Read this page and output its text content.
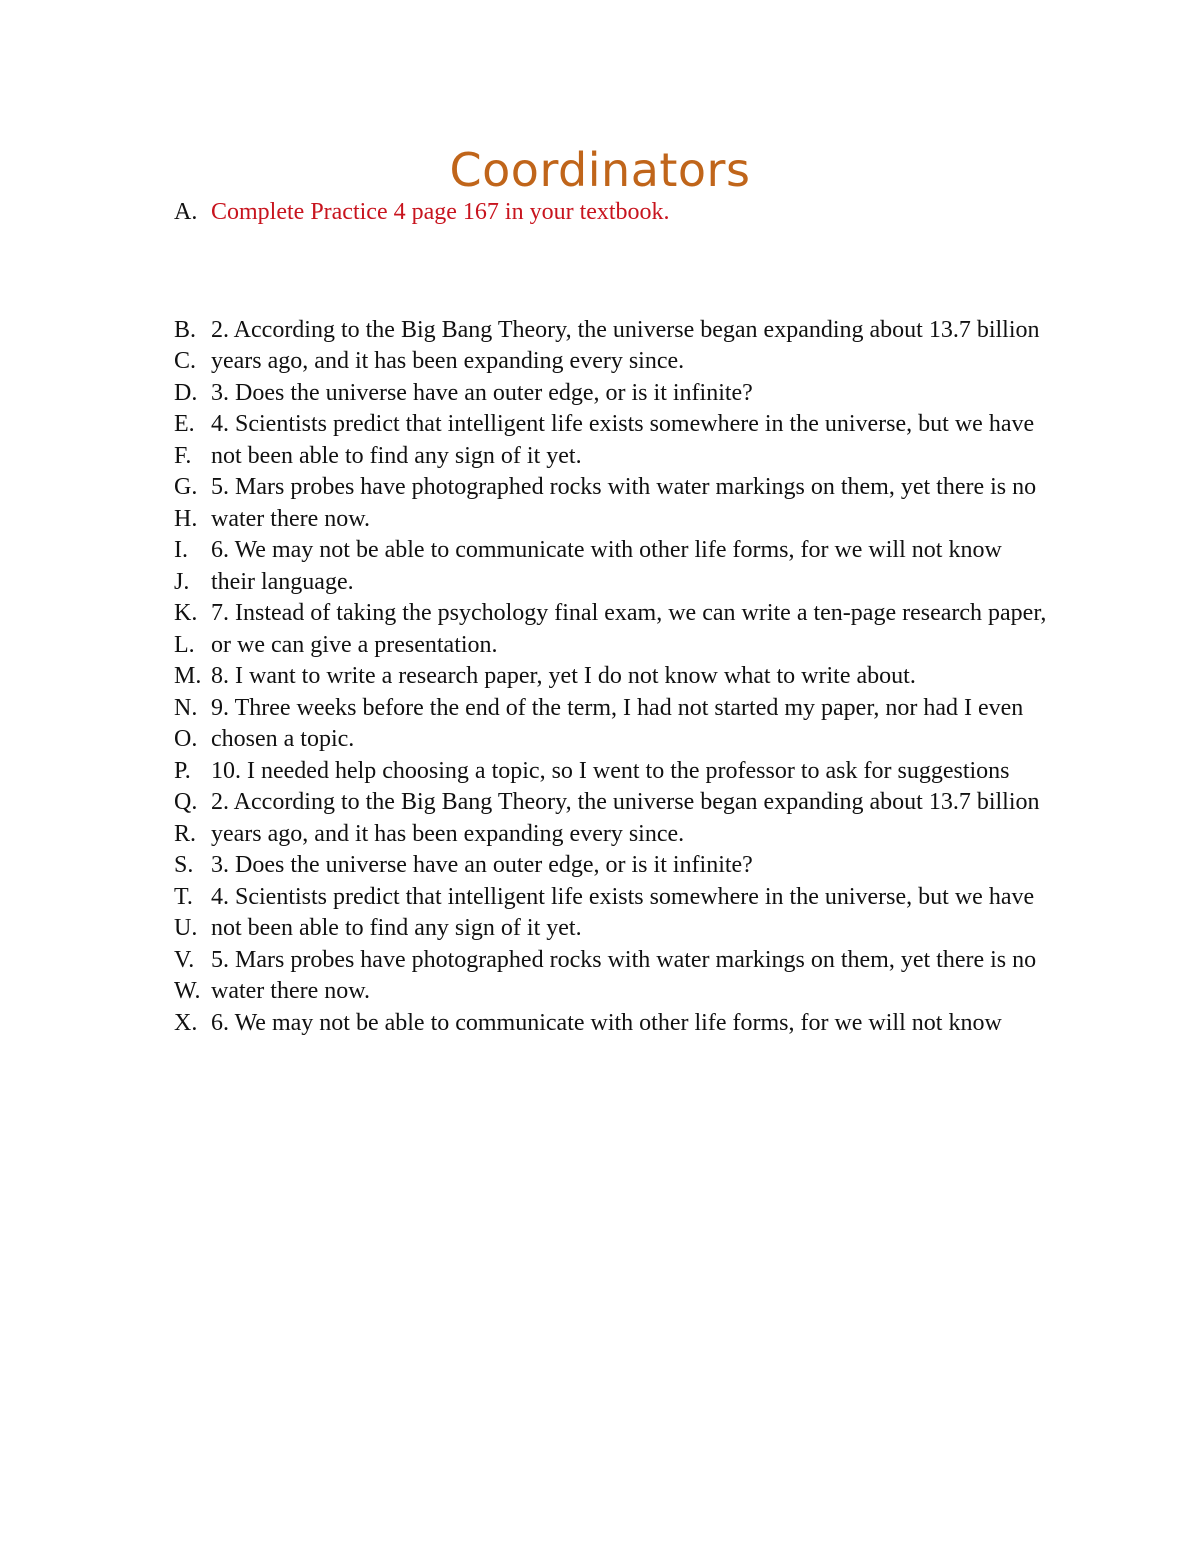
Coordinators
A. Complete Practice 4 page 167 in your textbook.
B. 2. According to the Big Bang Theory, the universe began expanding about 13.7 billion
C. years ago, and it has been expanding every since.
D. 3. Does the universe have an outer edge, or is it infinite?
E. 4. Scientists predict that intelligent life exists somewhere in the universe, but we have
F. not been able to find any sign of it yet.
G. 5. Mars probes have photographed rocks with water markings on them, yet there is no
H. water there now.
I. 6. We may not be able to communicate with other life forms, for we will not know
J. their language.
K. 7. Instead of taking the psychology final exam, we can write a ten-page research paper,
L. or we can give a presentation.
M. 8. I want to write a research paper, yet I do not know what to write about.
N. 9. Three weeks before the end of the term, I had not started my paper, nor had I even
O. chosen a topic.
P. 10. I needed help choosing a topic, so I went to the professor to ask for suggestions
Q. 2. According to the Big Bang Theory, the universe began expanding about 13.7 billion
R. years ago, and it has been expanding every since.
S. 3. Does the universe have an outer edge, or is it infinite?
T. 4. Scientists predict that intelligent life exists somewhere in the universe, but we have
U. not been able to find any sign of it yet.
V. 5. Mars probes have photographed rocks with water markings on them, yet there is no
W. water there now.
X. 6. We may not be able to communicate with other life forms, for we will not know
